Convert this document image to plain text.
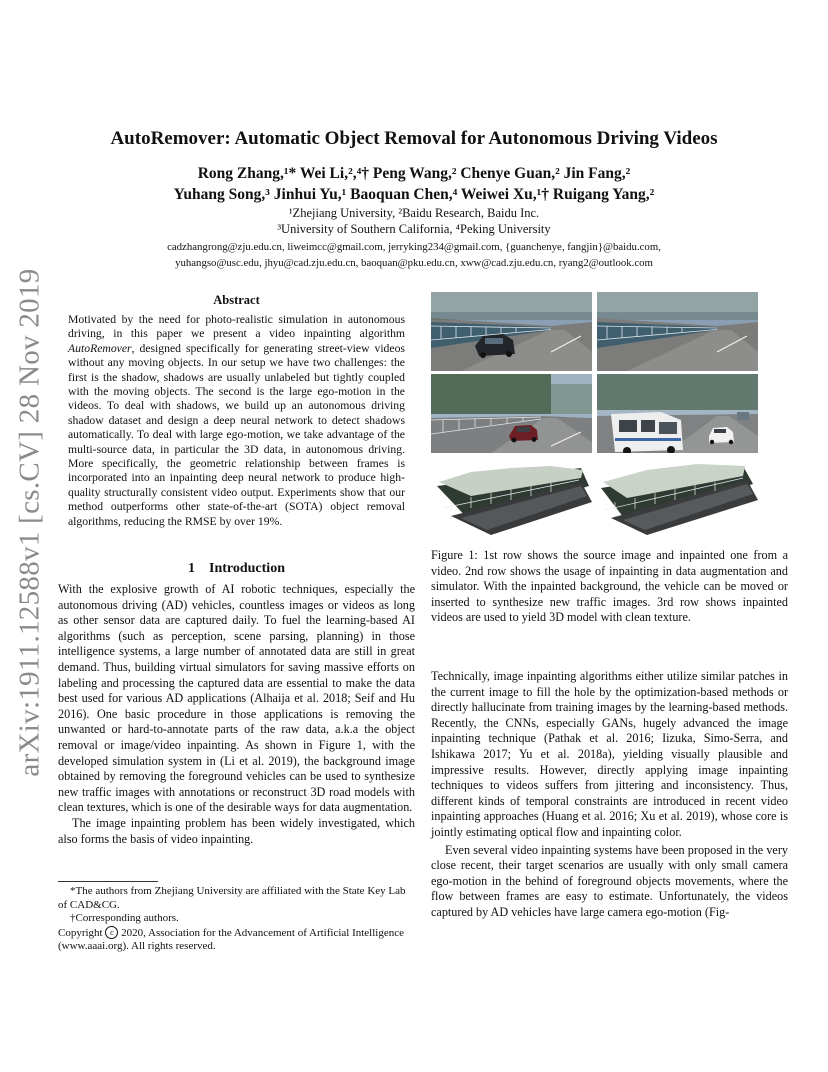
arXiv:1911.12588v1 [cs.CV] 28 Nov 2019
AutoRemover: Automatic Object Removal for Autonomous Driving Videos
Rong Zhang,¹* Wei Li,²,⁴† Peng Wang,² Chenye Guan,² Jin Fang,²
Yuhang Song,³ Jinhui Yu,¹ Baoquan Chen,⁴ Weiwei Xu,¹† Ruigang Yang,²
¹Zhejiang University, ²Baidu Research, Baidu Inc.
³University of Southern California, ⁴Peking University
cadzhangrong@zju.edu.cn, liweimcc@gmail.com, jerryking234@gmail.com, {guanchenye, fangjin}@baidu.com,
yuhangso@usc.edu, jhyu@cad.zju.edu.cn, baoquan@pku.edu.cn, xww@cad.zju.edu.cn, ryang2@outlook.com
Abstract
Motivated by the need for photo-realistic simulation in autonomous driving, in this paper we present a video inpainting algorithm AutoRemover, designed specifically for generating street-view videos without any moving objects. In our setup we have two challenges: the first is the shadow, shadows are usually unlabeled but tightly coupled with the moving objects. The second is the large ego-motion in the videos. To deal with shadows, we build up an autonomous driving shadow dataset and design a deep neural network to detect shadows automatically. To deal with large ego-motion, we take advantage of the multi-source data, in particular the 3D data, in autonomous driving. More specifically, the geometric relationship between frames is incorporated into an inpainting deep neural network to produce high-quality structurally consistent video output. Experiments show that our method outperforms other state-of-the-art (SOTA) object removal algorithms, reducing the RMSE by over 19%.
1    Introduction

With the explosive growth of AI robotic techniques, especially the autonomous driving (AD) vehicles, countless images or videos as long as other sensor data are captured daily. To fuel the learning-based AI algorithms (such as perception, scene parsing, planning) in those intelligence systems, a large number of annotated data are still in great demand. Thus, building virtual simulators for saving massive efforts on labeling and processing the captured data are essential to make the data best used for various AD applications (Alhaija et al. 2018; Seif and Hu 2016). One basic procedure in those applications is removing the unwanted or hard-to-annotate parts of the raw data, a.k.a the object removal or image/video inpainting. As shown in Figure 1, with the developed simulation system in (Li et al. 2019), the background image obtained by removing the foreground vehicles can be used to synthesize new traffic images with annotations or reconstruct 3D road models with clean textures, which is one of the desirable ways for data augmentation.

The image inpainting problem has been widely investigated, which also forms the basis of video inpainting.

*The authors from Zhejiang University are affiliated with the State Key Lab of CAD&CG.

†Corresponding authors.

Copyright c 2020, Association for the Advancement of Artificial Intelligence (www.aaai.org). All rights reserved.

Figure 1: 1st row shows the source image and inpainted one from a video. 2nd row shows the usage of inpainting in data augmentation and simulator. With the inpainted background, the vehicle can be moved or inserted to synthesize new traffic images. 3rd row shows inpainted videos are used to yield 3D model with clean texture.

Technically, image inpainting algorithms either utilize similar patches in the current image to fill the hole by the optimization-based methods or directly hallucinate from training images by the learning-based methods. Recently, the CNNs, especially GANs, hugely advanced the image inpainting technique (Pathak et al. 2016; Iizuka, Simo-Serra, and Ishikawa 2017; Yu et al. 2018a), yielding visually plausible and impressive results. However, directly applying image inpainting techniques to videos suffers from jittering and inconsistency. Thus, different kinds of temporal constraints are introduced in recent video inpainting approaches (Huang et al. 2016; Xu et al. 2019), whose core is jointly estimating optical flow and inpainting color.

Even several video inpainting systems have been proposed in the very close recent, their target scenarios are usually with only small camera ego-motion in the behind of foreground objects movements, where the flow between frames are easy to estimate. Unfortunately, the videos captured by AD vehicles have large camera ego-motion (Fig-
